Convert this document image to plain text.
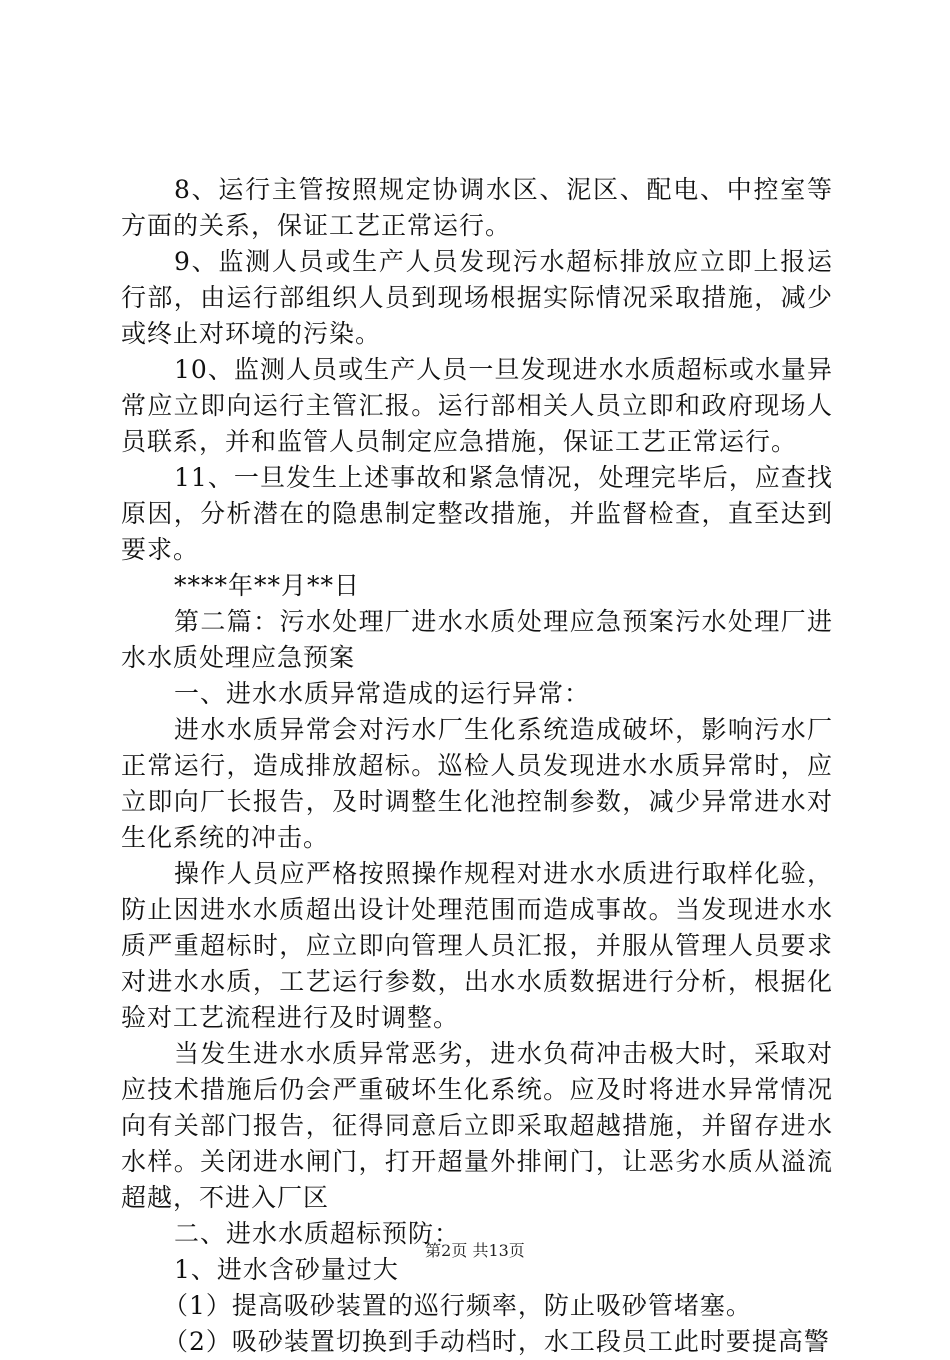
8、运行主管按照规定协调水区、泥区、配电、中控室等方面的关系，保证工艺正常运行。

9、监测人员或生产人员发现污水超标排放应立即上报运行部，由运行部组织人员到现场根据实际情况采取措施，减少或终止对环境的污染。

10、监测人员或生产人员一旦发现进水水质超标或水量异常应立即向运行主管汇报。运行部相关人员立即和政府现场人员联系，并和监管人员制定应急措施，保证工艺正常运行。

11、一旦发生上述事故和紧急情况，处理完毕后，应查找原因，分析潜在的隐患制定整改措施，并监督检查，直至达到要求。

****年**月**日

第二篇：污水处理厂进水水质处理应急预案污水处理厂进水水质处理应急预案

一、进水水质异常造成的运行异常：

进水水质异常会对污水厂生化系统造成破坏，影响污水厂正常运行，造成排放超标。巡检人员发现进水水质异常时，应立即向厂长报告，及时调整生化池控制参数，减少异常进水对生化系统的冲击。

操作人员应严格按照操作规程对进水水质进行取样化验，防止因进水水质超出设计处理范围而造成事故。当发现进水水质严重超标时，应立即向管理人员汇报，并服从管理人员要求对进水水质，工艺运行参数，出水水质数据进行分析，根据化验对工艺流程进行及时调整。

当发生进水水质异常恶劣，进水负荷冲击极大时，采取对应技术措施后仍会严重破坏生化系统。应及时将进水异常情况向有关部门报告，征得同意后立即采取超越措施，并留存进水水样。关闭进水闸门，打开超量外排闸门，让恶劣水质从溢流超越，不进入厂区

二、进水水质超标预防：

1、进水含砂量过大

（1）提高吸砂装置的巡行频率，防止吸砂管堵塞。

（2）吸砂装置切换到手动档时，水工段员工此时要提高警

第2页 共13页
